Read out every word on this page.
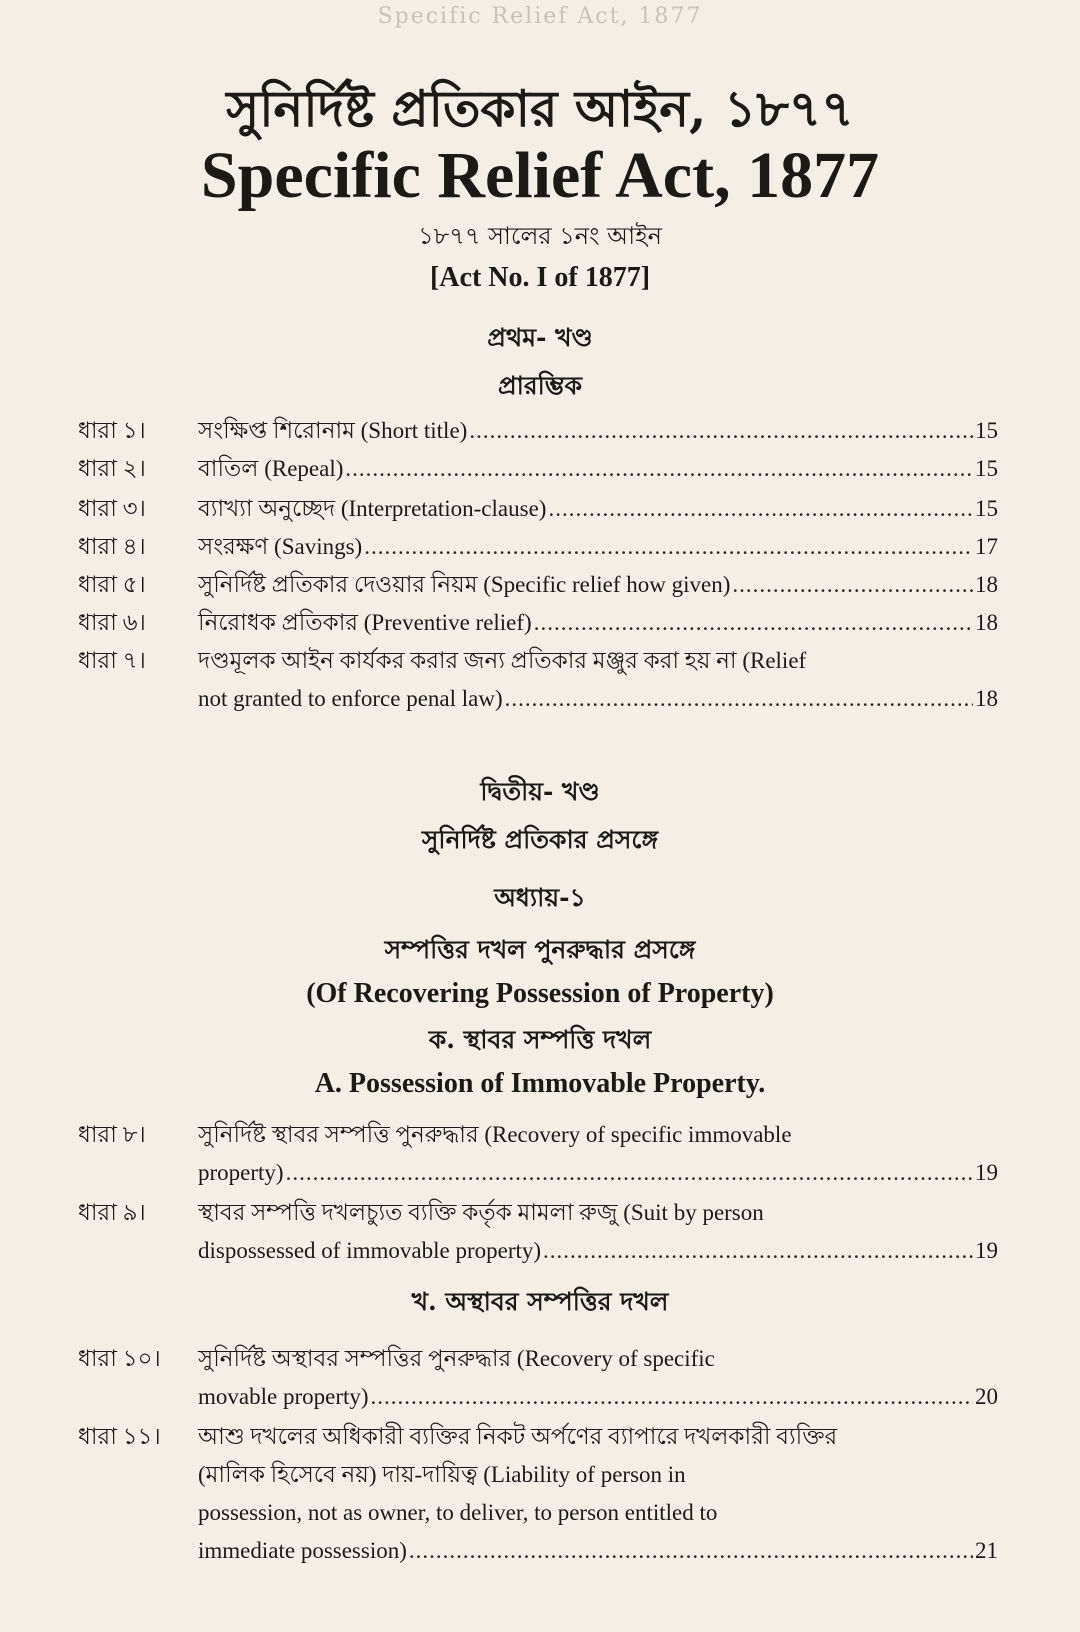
Specific Relief Act, 1877
সুনির্দিষ্ট প্রতিকার আইন, ১৮৭৭
Specific Relief Act, 1877
১৮৭৭ সালের ১নং আইন
[Act No. I of 1877]
প্রথম- খণ্ড
প্রারম্ভিক
ধারা ১।	সংক্ষিপ্ত শিরোনাম (Short title) .....	15
ধারা ২।	বাতিল (Repeal) .....	15
ধারা ৩।	ব্যাখ্যা অনুচ্ছেদ (Interpretation-clause) .....	15
ধারা ৪।	সংরক্ষণ (Savings) .....	17
ধারা ৫।	সুনির্দিষ্ট প্রতিকার দেওয়ার নিয়ম (Specific relief how given) .....	18
ধারা ৬।	নিরোধক প্রতিকার (Preventive relief) .....	18
ধারা ৭।	দণ্ডমূলক আইন কার্যকর করার জন্য প্রতিকার মঞ্জুর করা হয় না (Relief
not granted to enforce penal law) .....	18
দ্বিতীয়- খণ্ড
সুনির্দিষ্ট প্রতিকার প্রসঙ্গে
অধ্যায়-১
সম্পত্তির দখল পুনরুদ্ধার প্রসঙ্গে
(Of Recovering Possession of Property)
ক. স্থাবর সম্পত্তি দখল
A. Possession of Immovable Property.
ধারা ৮।	সুনির্দিষ্ট স্থাবর সম্পত্তি পুনরুদ্ধার (Recovery of specific immovable
property) .....	19
ধারা ৯।	স্থাবর সম্পত্তি দখলচ্যুত ব্যক্তি কর্তৃক মামলা রুজু (Suit by person
dispossessed of immovable property) .....	19
খ. অস্থাবর সম্পত্তির দখল
ধারা ১০।	সুনির্দিষ্ট অস্থাবর সম্পত্তির পুনরুদ্ধার (Recovery of specific
movable property) .....	20
ধারা ১১।	আশু দখলের অধিকারী ব্যক্তির নিকট অর্পণের ব্যাপারে দখলকারী ব্যক্তির
(মালিক হিসেবে নয়) দায়-দায়িত্ব (Liability of person in
possession, not as owner, to deliver, to person entitled to
immediate possession) .....	21
